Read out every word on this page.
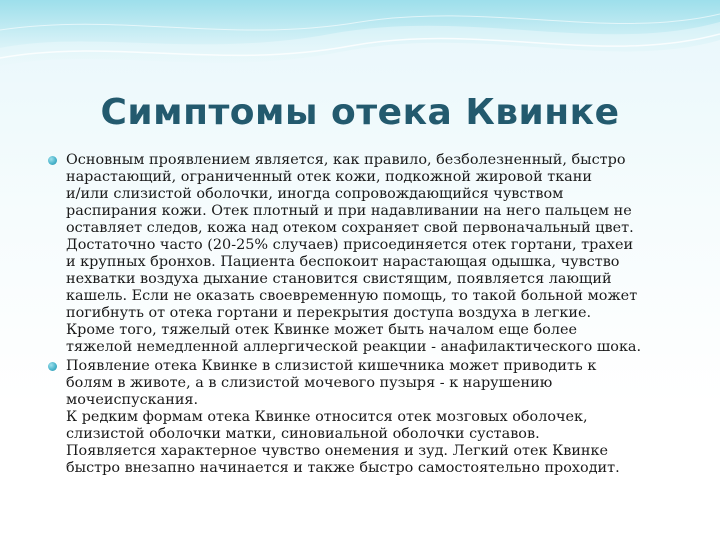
Симптомы отека Квинке
Основным проявлением является, как правило, безболезненный, быстро
нарастающий, ограниченный отек кожи, подкожной жировой ткани
и/или слизистой оболочки, иногда сопровождающийся чувством
распирания кожи. Отек плотный и при надавливании на него пальцем не
оставляет следов, кожа над отеком сохраняет свой первоначальный цвет.
Достаточно часто (20-25% случаев) присоединяется отек гортани, трахеи
и крупных бронхов. Пациента беспокоит нарастающая одышка, чувство
нехватки воздуха дыхание становится свистящим, появляется лающий
кашель. Если не оказать своевременную помощь, то такой больной может
погибнуть от отека гортани и перекрытия доступа воздуха в легкие.
Кроме того, тяжелый отек Квинке может быть началом еще более
тяжелой немедленной аллергической реакции - анафилактического шока.
Появление отека Квинке в слизистой кишечника может приводить к
болям в животе, а в слизистой мочевого пузыря - к нарушению
мочеиспускания.
К редким формам отека Квинке относится отек мозговых оболочек,
слизистой оболочки матки, синовиальной оболочки суставов.
Появляется характерное чувство онемения и зуд. Легкий отек Квинке
быстро внезапно начинается и также быстро самостоятельно проходит.
